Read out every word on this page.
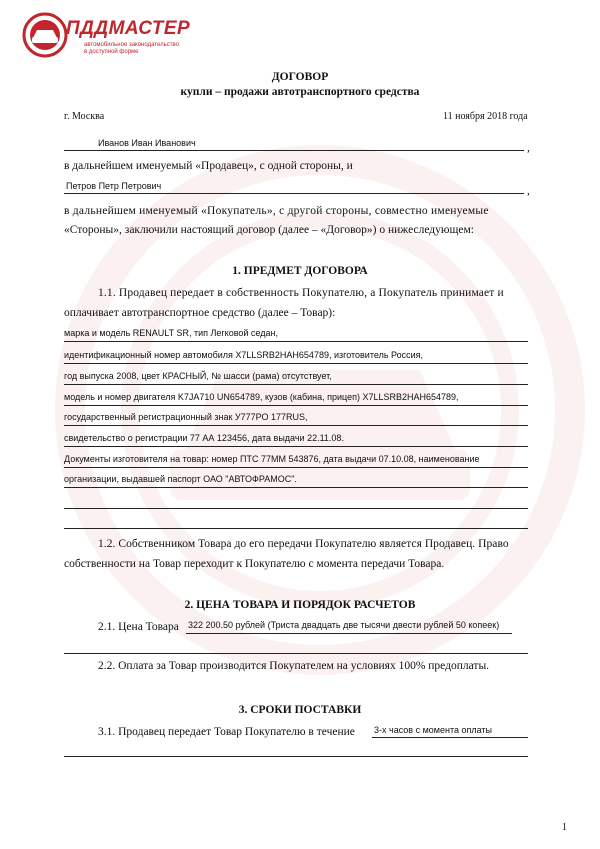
ПДДМАСТЕР
автомобильное законодательство
в доступной форме
ДОГОВОР
купли – продажи автотранспортного средства
г. Москва	11 ноября 2018 года
Иванов Иван Иванович	,
в дальнейшем именуемый «Продавец», с одной стороны, и
Петров Петр Петрович	,
в дальнейшем именуемый «Покупатель», с другой стороны, совместно именуемые
«Стороны», заключили настоящий договор (далее – «Договор») о нижеследующем:
1. ПРЕДМЕТ ДОГОВОРА
1.1. Продавец передает в собственность Покупателю, а Покупатель принимает и
оплачивает автотранспортное средство (далее – Товар):
марка и модель RENAULT SR, тип Легковой седан,
идентификационный номер автомобиля X7LLSRB2HAH654789, изготовитель Россия,
год выпуска 2008, цвет КРАСНЫЙ, № шасси (рама) отсутствует,
модель и номер двигателя K7JA710 UN654789, кузов (кабина, прицеп) X7LLSRB2HAH654789,
государственный регистрационный знак У777РО 177RUS,
свидетельство о регистрации 77 АА 123456, дата выдачи 22.11.08.
Документы изготовителя на товар: номер ПТС 77ММ 543876, дата выдачи 07.10.08, наименование
организации, выдавшей паспорт ОАО "АВТОФРАМОС".
1.2. Собственником Товара до его передачи Покупателю является Продавец. Право
собственности на Товар переходит к Покупателю с момента передачи Товара.
2. ЦЕНА ТОВАРА И ПОРЯДОК РАСЧЕТОВ
2.1. Цена Товара 322 200.50 рублей (Триста двадцать две тысячи двести рублей 50 копеек)
2.2. Оплата за Товар производится Покупателем на условиях 100% предоплаты.
3. СРОКИ ПОСТАВКИ
3.1. Продавец передает Товар Покупателю в течение 3-х часов с момента оплаты
1
